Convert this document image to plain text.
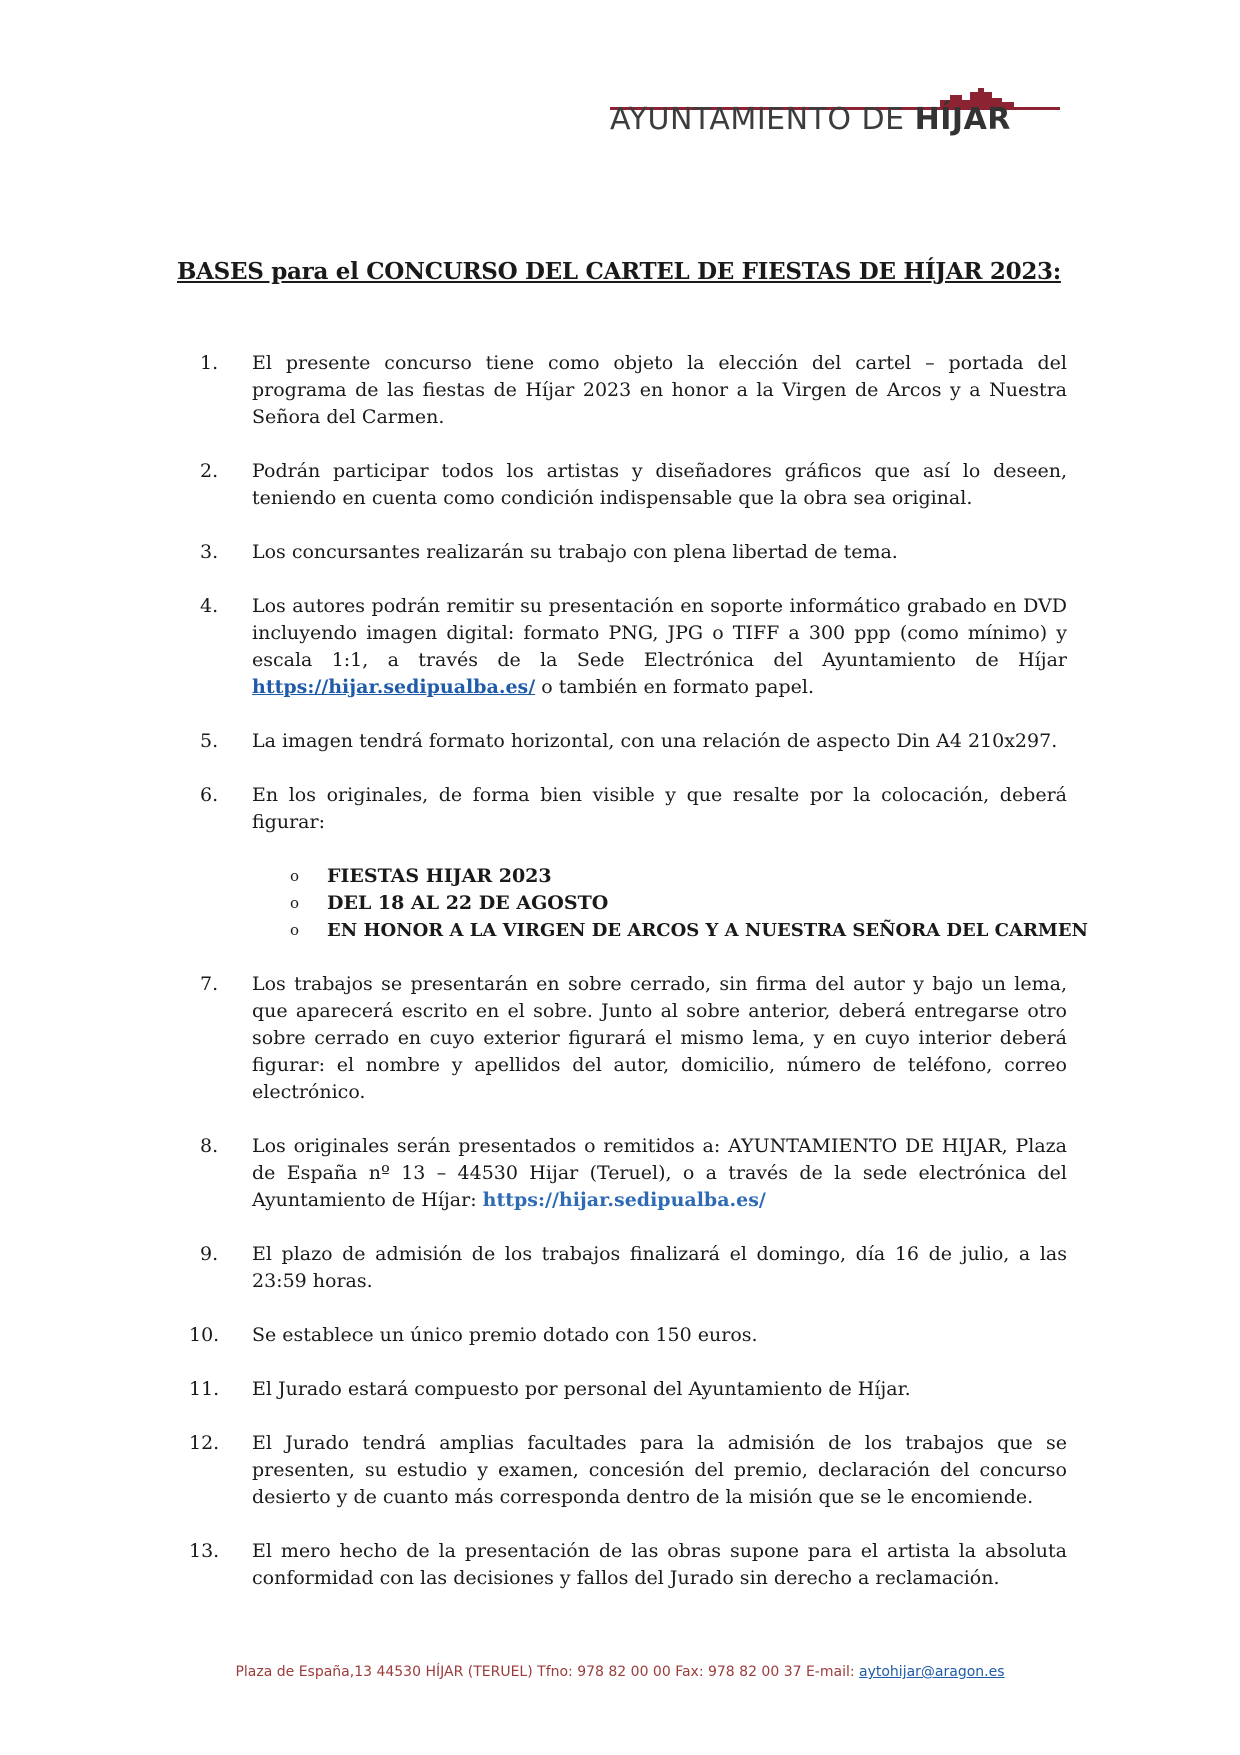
AYUNTAMIENTO DE HÍJAR
BASES para el CONCURSO DEL CARTEL DE FIESTAS DE HÍJAR 2023:
1.	El presente concurso tiene como objeto la elección del cartel – portada del programa de las fiestas de Híjar 2023 en honor a la Virgen de Arcos y a Nuestra Señora del Carmen.
2.	Podrán participar todos los artistas y diseñadores gráficos que así lo deseen, teniendo en cuenta como condición indispensable que la obra sea original.
3.	Los concursantes realizarán su trabajo con plena libertad de tema.
4.	Los autores podrán remitir su presentación en soporte informático grabado en DVD incluyendo imagen digital: formato PNG, JPG o TIFF a 300 ppp (como mínimo) y escala 1:1, a través de la Sede Electrónica del Ayuntamiento de Híjar https://hijar.sedipualba.es/ o también en formato papel.
5.	La imagen tendrá formato horizontal, con una relación de aspecto Din A4 210x297.
6.	En los originales, de forma bien visible y que resalte por la colocación, deberá figurar:
o FIESTAS HIJAR 2023
o DEL 18 AL 22 DE AGOSTO
o EN HONOR A LA VIRGEN DE ARCOS Y A NUESTRA SEÑORA DEL CARMEN
7.	Los trabajos se presentarán en sobre cerrado, sin firma del autor y bajo un lema, que aparecerá escrito en el sobre. Junto al sobre anterior, deberá entregarse otro sobre cerrado en cuyo exterior figurará el mismo lema, y en cuyo interior deberá figurar: el nombre y apellidos del autor, domicilio, número de teléfono, correo electrónico.
8.	Los originales serán presentados o remitidos a: AYUNTAMIENTO DE HIJAR, Plaza de España nº 13 – 44530 Hijar (Teruel), o a través de la sede electrónica del Ayuntamiento de Híjar: https://hijar.sedipualba.es/
9.	El plazo de admisión de los trabajos finalizará el domingo, día 16 de julio, a las 23:59 horas.
10.	Se establece un único premio dotado con 150 euros.
11.	El Jurado estará compuesto por personal del Ayuntamiento de Híjar.
12.	El Jurado tendrá amplias facultades para la admisión de los trabajos que se presenten, su estudio y examen, concesión del premio, declaración del concurso desierto y de cuanto más corresponda dentro de la misión que se le encomiende.
13.	El mero hecho de la presentación de las obras supone para el artista la absoluta conformidad con las decisiones y fallos del Jurado sin derecho a reclamación.
Plaza de España,13 44530 HÍJAR (TERUEL) Tfno: 978 82 00 00 Fax: 978 82 00 37 E-mail: aytohijar@aragon.es
